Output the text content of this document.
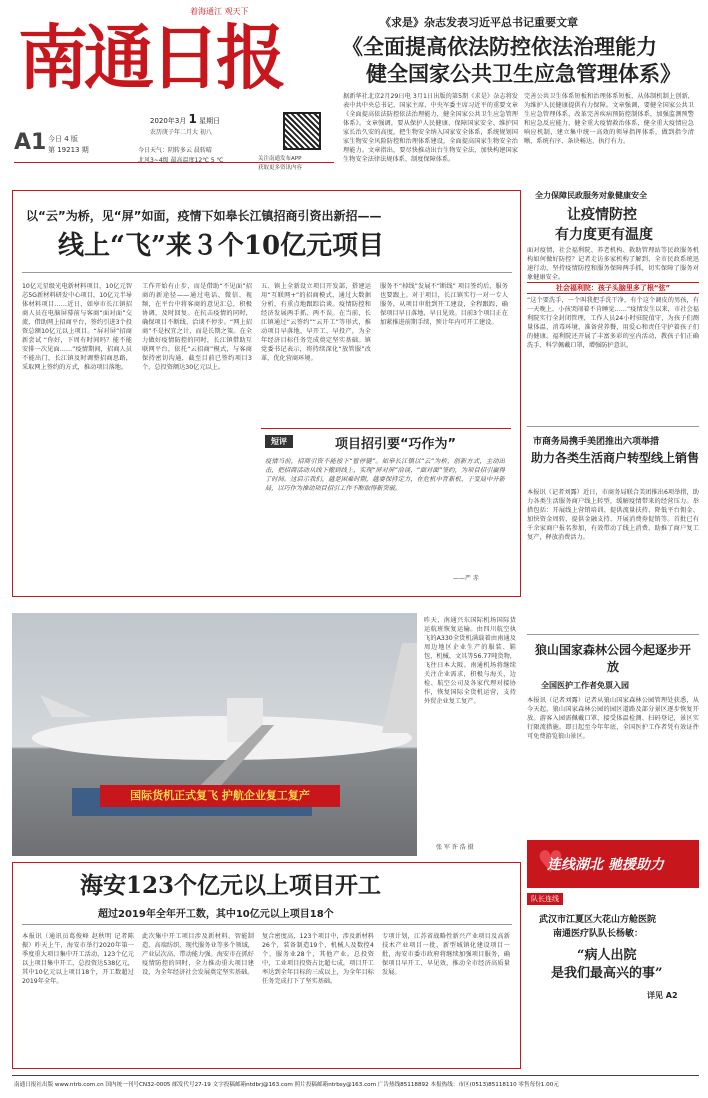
南通日报
着海通江 观天下
A1 今日 4 版
第 19213 期
2020年3月 1 星期日
农历庚子年二月大 初八
今日天气：阴转多云 晨转晴
北风3~4级 最高温度12℃ 5 ℃	关注南通发布APP
获取更多资讯内容
《求是》杂志发表习近平总书记重要文章
《全面提高依法防控依法治理能力
健全国家公共卫生应急管理体系》
据新华社北京2月29日电 3月1日出版的第5期《求是》杂志将发表中共中央总书记、国家主席、中央军委主席习近平的重要文章《全面提高依法防控依法治理能力，健全国家公共卫生应急管理体系》。文章强调，要从保护人民健康、保障国家安全、维护国家长治久安的高度，把生物安全纳入国家安全体系，系统规划国家生物安全风险防控和治理体系建设，全面提高国家生物安全治理能力。文章指出，要尽快推动出台生物安全法，加快构建国家生物安全法律法规体系、制度保障体系。
完善公共卫生体系短板和治理体系短板，从体制机制上创新，为维护人民健康提供有力保障。文章强调，要健全国家公共卫生应急管理体系，改革完善疾病预防控制体系，加强监测预警和应急反应能力，健全重大疫情救治体系，健全重大疫情应急响应机制，建立集中统一高效的领导指挥体系，做到指令清晰、系统有序、条块畅达、执行有力。
以“云”为桥，见“屏”如面，疫情下如皋长江镇招商引资出新招——
线上“飞”来３个10亿元项目
10亿元星级光电新材料项目，10亿元智芯5G新材料研发中心项目，10亿元半导体材料项目……近日，如皋市长江镇招商人员在电脑屏幕前与客商“面对面”交流，借助网上招商平台，签约引进3个投资总额10亿元以上项目。“屏对屏”招商新尝试 “你好，下周有时间吗？能不能安排一次见面……”疫情期间，招商人员不能出门，长江镇及时调整招商思路，采取网上签约的方式，推动项目落地。
工作开始有止步，而是借助“不见面”招商的新途径——通过电话、微信、视频，在平台中将客商的意见汇总，积极协调，及时回复。在抗击疫情的同时，确保项目不断线、洽谈不停步。“网上招商”不是权宜之计，而是长期之策。在全力做好疫情防控的同时，长江镇借助互联网平台，依托“云招商”模式，与客商保持密切沟通，截至目前已签约项目3个，总投资额达30亿元以上。
五、镇上全新设立项目开发部，搭建运用“互联网+”的招商模式，通过大数据分析，有重点地跟踪洽谈。疫情防控和经济发展两手抓、两不误。在当前，长江镇通过“云签约”“云开工”等形式，推动项目早落地、早开工、早投产，为全年经济目标任务完成奠定坚实基础。镇党委书记表示，将持续深化“放管服”改革，优化营商环境。
服务不“掉线”发展不“断线” 项目签约后，服务也要跟上。对于项目，长江镇实行一对一专人服务，从项目审批到开工建设，全程跟踪，确保项目早日落地、早日见效。目前3个项目正在加紧推进前期手续，预计年内可开工建设。
短评	项目招引要“巧作为”
疫情当前，招商引资不能按下“暂停键”。如皋长江镇以“云”为桥，创新方式，主动出击，把招商活动从线下搬到线上，实现“屏对屏”洽谈、“面对面”签约，为项目招引赢得了时间。这启示我们，越是困难时期，越要保持定力，在危机中育新机、于变局中开新局，以巧作为推动项目招引工作不断取得新突破。
——严 赤
国际货机正式复飞 护航企业复工复产
昨天，南通兴东国际机场国际货运航班恢复运输。由四川航空执飞的A330全货机满载着由南通及周边地区企业生产的服装、鞋包、机械、文具等56.77吨货物，飞往日本大阪。南通机场将继续关注企业需求，积极与海关、边检、航空公司及各家代理对接协作，恢复国际全货机运营，支持外贸企业复工复产。
张 军 许 浩 摄
海安123个亿元以上项目开工
超过2019年全年开工数，其中10亿元以上项目18个
本报讯（通讯员葛俊峰 赵秋明 记者陈振）昨天上午，海安市举行2020年第一季度重大项目集中开工活动，123个亿元以上项目集中开工，总投资达538亿元，其中10亿元以上项目18个，开工数超过2019年全年。
此次集中开工项目涉及新材料、智能制造、高端纺织、现代服务业等多个领域，产业层次高、带动能力强。海安市在抓好疫情防控的同时，全力推动重大项目建设，为全年经济社会发展奠定坚实基础。
复合密度高，123个项目中，涉及新材料26个，装备制造19个，机械人及数控4个，服务业28个，其他产业。总投资中，工业项目投资占比超七成，项目开工率达到全年目标的三成以上，为全年目标任务完成打下了坚实基础。
专项计划，江苏省战略性新兴产业项目及高新技术产业项目一批，新型城镇化建设项目一批，海安市委市政府将继续加强项目服务，确保项目早开工、早见效，推动全市经济高质量发展。
全力保障民政服务对象健康安全
让疫情防控
有力度更有温度
面对疫情，社会福利院、养老机构、救助管理站等民政服务机构如何做好防控？记者走访多家机构了解到，全市民政系统迅速行动，坚持疫情防控和服务保障两手抓，切实保障了服务对象健康安全。
社会福利院：孩子头脑里多了根“弦”
“这个要洗手，一个叫我把手洗干净，有个这个调皮的男孩，有一天晚上，小孩哭闹着不肯睡觉……”疫情发生以来，市社会福利院实行全封闭管理，工作人员24小时驻院值守，为孩子们测量体温、消毒环境、准备营养餐，用爱心和责任守护着孩子们的健康。福利院还开展了丰富多彩的室内活动，教孩子们正确洗手、科学佩戴口罩，增强防护意识。
市商务局携手美团推出六项举措
助力各类生活商户转型线上销售
本报讯（记者刘露）近日，市商务局联合美团推出6项举措，助力各类生活服务商户线上转型，缓解疫情带来的经营压力。举措包括：开展线上营销培训、提供流量扶持、降低平台佣金、加快资金周转、提供金融支持、开展消费券促销等。首批已有千余家商户报名参加，有效带动了线上消费，助推了商户复工复产，释放消费活力。
狼山国家森林公园今起逐步开放
全国医护工作者免票入园
本报讯（记者刘露）记者从狼山国家森林公园管理处获悉，从今天起，狼山国家森林公园的园区道路及部分景区逐步恢复开放。游客入园需佩戴口罩、接受体温检测、扫码登记，景区实行限流措施。即日起至今年年底，全国医护工作者凭有效证件可免费游览狼山景区。
♥
连线湖北 驰援助力
队长连线
武汉市江夏区大花山方舱医院
南通医疗队队长杨敏：
“病人出院
是我们最高兴的事”
详见 A2
南通日报社出版 www.ntrb.com.cn 国内统一刊号CN32-0005 邮发代号27-19 文字投稿邮箱ntdbrj@163.com 照片投稿邮箱ntrbsy@163.com 广告热线85118892 本报热线：市区(0513)85118110 零售每份1.00元
